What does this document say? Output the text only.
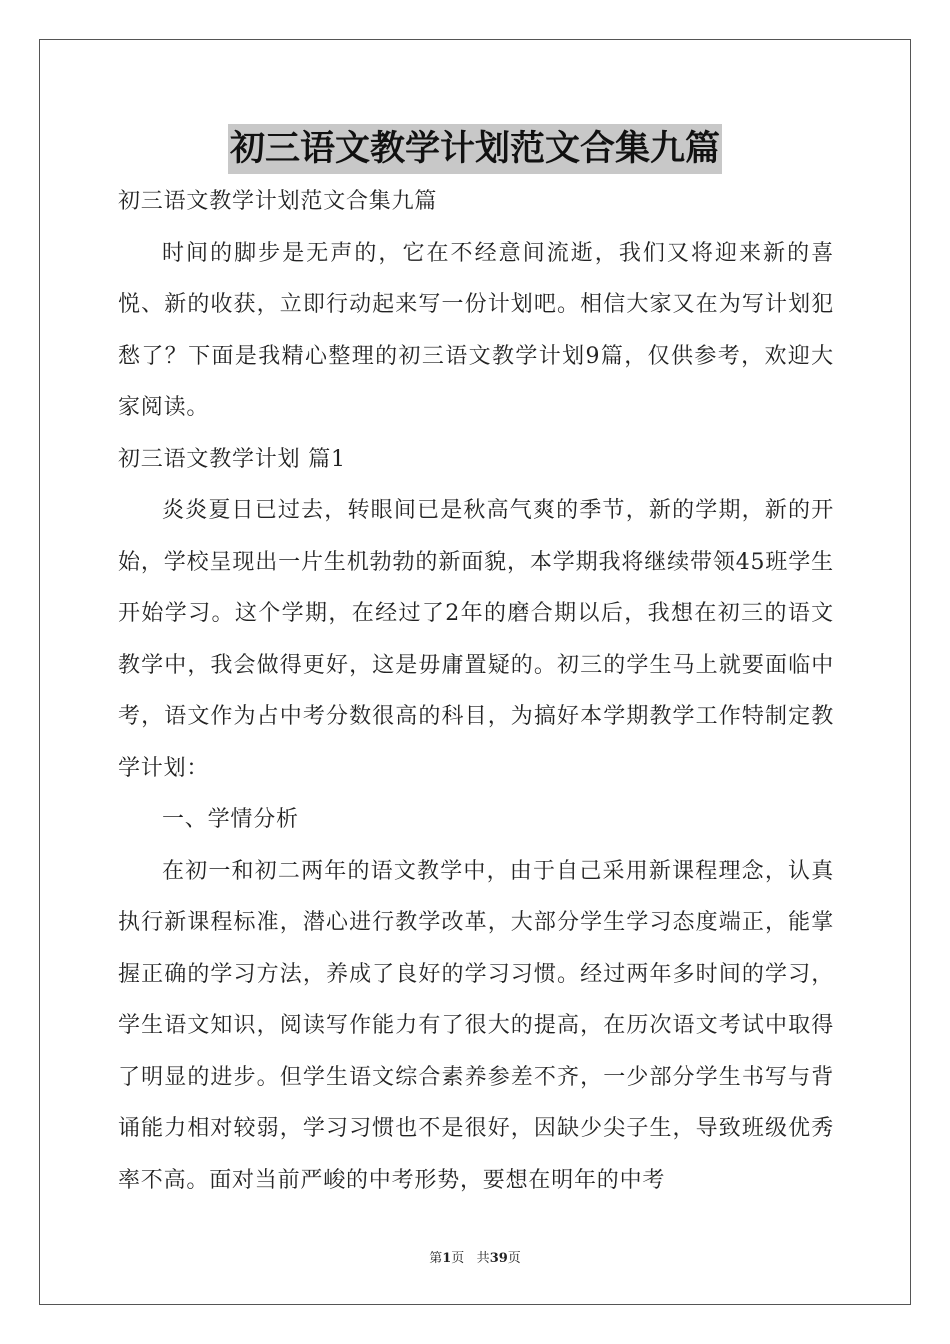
初三语文教学计划范文合集九篇

初三语文教学计划范文合集九篇

时间的脚步是无声的，它在不经意间流逝，我们又将迎来新的喜悦、新的收获，立即行动起来写一份计划吧。相信大家又在为写计划犯愁了？下面是我精心整理的初三语文教学计划9篇，仅供参考，欢迎大家阅读。

初三语文教学计划 篇1

炎炎夏日已过去，转眼间已是秋高气爽的季节，新的学期，新的开始，学校呈现出一片生机勃勃的新面貌，本学期我将继续带领45班学生开始学习。这个学期，在经过了2年的磨合期以后，我想在初三的语文教学中，我会做得更好，这是毋庸置疑的。初三的学生马上就要面临中考，语文作为占中考分数很高的科目，为搞好本学期教学工作特制定教学计划：

一、学情分析

在初一和初二两年的语文教学中，由于自己采用新课程理念，认真执行新课程标准，潜心进行教学改革，大部分学生学习态度端正，能掌握正确的学习方法，养成了良好的学习习惯。经过两年多时间的学习，学生语文知识，阅读写作能力有了很大的提高，在历次语文考试中取得了明显的进步。但学生语文综合素养参差不齐，一少部分学生书写与背诵能力相对较弱，学习习惯也不是很好，因缺少尖子生，导致班级优秀率不高。面对当前严峻的中考形势，要想在明年的中考

第1页 共39页
